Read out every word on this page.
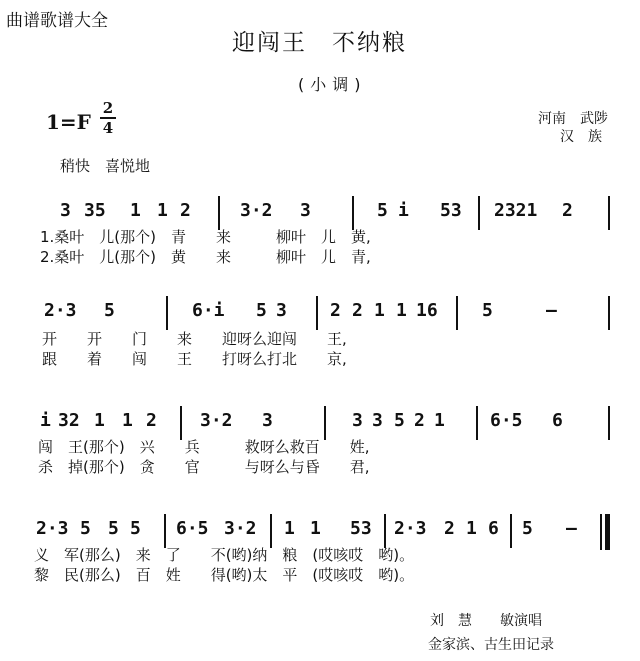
曲谱歌谱大全
迎闯王　不纳粮
(小调)
1=F
2
4	河南　武陟
汉　族
稍快　喜悦地
3 35 1 1 2	3·2 3	5 i 53 2321 2
1.桑叶　儿(那个)　青　　来　　　柳叶　儿　黄,
2.桑叶　儿(那个)　黄　　来　　　柳叶　儿　青,
2·3 5	6·i 5 3 2 2 1 1 16 5	–
开　　开　　门　　来　　迎呀么迎闯　　王,
跟　　着　　闯　　王　　打呀么打北　　京,
i 32 1 1 2 3·2 3	3 3 5 2 1	6·5 6
闯　王(那个)　兴　　兵　　　救呀么救百　　姓,
杀　掉(那个)　贪　　官　　　与呀么与昏　　君,
2·3 5 5 5 6·5 3·2 1 1 53 2·3 2 1 6 5 –
义　军(那么)　来　了　　不(哟)纳　粮　(哎咳哎　哟)。
黎　民(那么)　百　姓　　得(哟)太　平　(哎咳哎　哟)。
刘　慧　　敏演唱
金家滨、古生田记录
